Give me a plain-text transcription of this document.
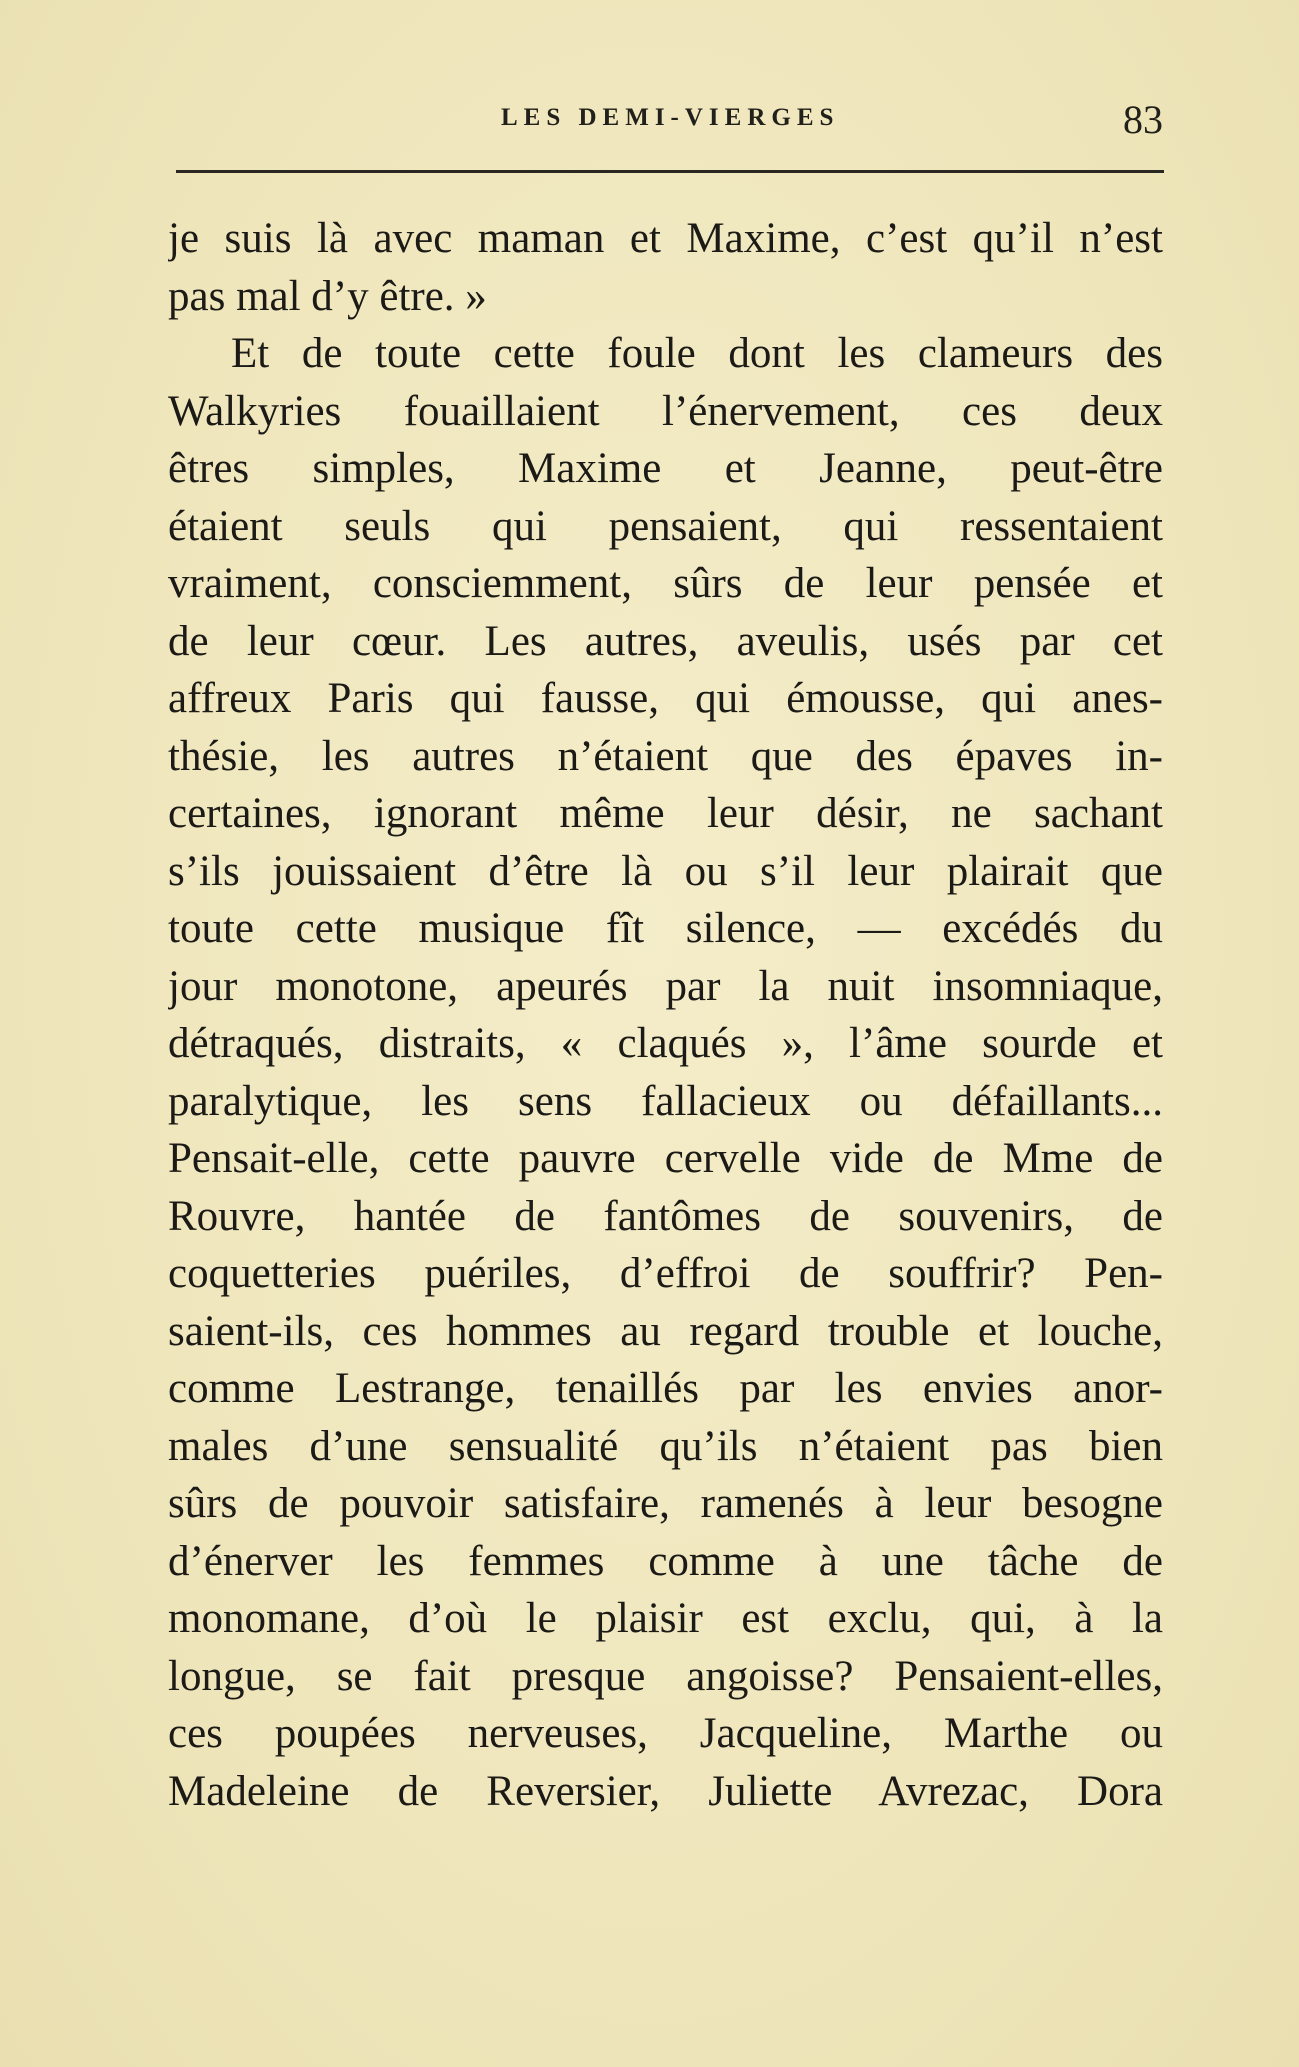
LES DEMI-VIERGES	83
je suis là avec maman et Maxime, c’est qu’il n’est
pas mal d’y être. »
Et de toute cette foule dont les clameurs des
Walkyries fouaillaient l’énervement, ces deux
êtres simples, Maxime et Jeanne, peut-être
étaient seuls qui pensaient, qui ressentaient
vraiment, consciemment, sûrs de leur pensée et
de leur cœur. Les autres, aveulis, usés par cet
affreux Paris qui fausse, qui émousse, qui anes-
thésie, les autres n’étaient que des épaves in-
certaines, ignorant même leur désir, ne sachant
s’ils jouissaient d’être là ou s’il leur plairait que
toute cette musique fît silence, — excédés du
jour monotone, apeurés par la nuit insomniaque,
détraqués, distraits, « claqués », l’âme sourde et
paralytique, les sens fallacieux ou défaillants...
Pensait-elle, cette pauvre cervelle vide de Mme de
Rouvre, hantée de fantômes de souvenirs, de
coquetteries puériles, d’effroi de souffrir? Pen-
saient-ils, ces hommes au regard trouble et louche,
comme Lestrange, tenaillés par les envies anor-
males d’une sensualité qu’ils n’étaient pas bien
sûrs de pouvoir satisfaire, ramenés à leur besogne
d’énerver les femmes comme à une tâche de
monomane, d’où le plaisir est exclu, qui, à la
longue, se fait presque angoisse? Pensaient-elles,
ces poupées nerveuses, Jacqueline, Marthe ou
Madeleine de Reversier, Juliette Avrezac, Dora
